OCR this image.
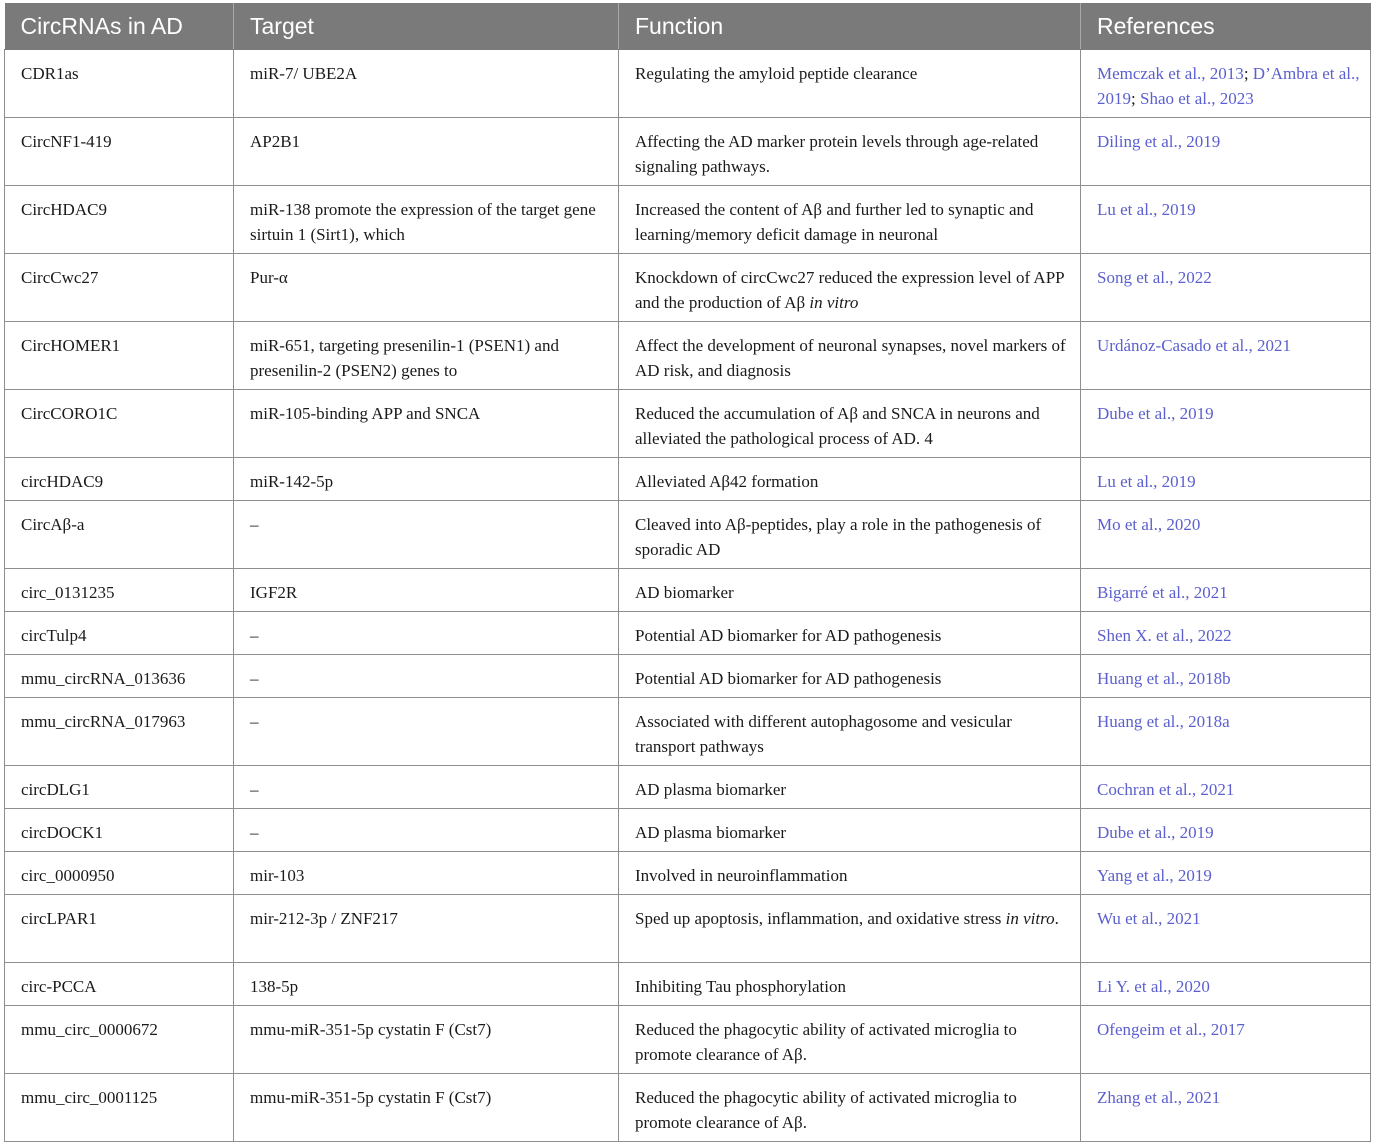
CircRNAs in AD	Target	Function	References
CDR1as	miR-7/ UBE2A	Regulating the amyloid peptide clearance	Memczak et al., 2013; D’Ambra et al., 2019; Shao et al., 2023
CircNF1-419	AP2B1	Affecting the AD marker protein levels through age-related signaling pathways.	Diling et al., 2019
CircHDAC9	miR-138 promote the expression of the target gene sirtuin 1 (Sirt1), which	Increased the content of Aβ and further led to synaptic and learning/memory deficit damage in neuronal	Lu et al., 2019
CircCwc27	Pur-α	Knockdown of circCwc27 reduced the expression level of APP and the production of Aβ in vitro	Song et al., 2022
CircHOMER1	miR-651, targeting presenilin-1 (PSEN1) and presenilin-2 (PSEN2) genes to	Affect the development of neuronal synapses, novel markers of AD risk, and diagnosis	Urdánoz-Casado et al., 2021
CircCORO1C	miR-105-binding APP and SNCA	Reduced the accumulation of Aβ and SNCA in neurons and alleviated the pathological process of AD. 4	Dube et al., 2019
circHDAC9	miR-142-5p	Alleviated Aβ42 formation	Lu et al., 2019
CircAβ-a	–	Cleaved into Aβ-peptides, play a role in the pathogenesis of sporadic AD	Mo et al., 2020
circ_0131235	IGF2R	AD biomarker	Bigarré et al., 2021
circTulp4	–	Potential AD biomarker for AD pathogenesis	Shen X. et al., 2022
mmu_circRNA_013636	–	Potential AD biomarker for AD pathogenesis	Huang et al., 2018b
mmu_circRNA_017963	–	Associated with different autophagosome and vesicular transport pathways	Huang et al., 2018a
circDLG1	–	AD plasma biomarker	Cochran et al., 2021
circDOCK1	–	AD plasma biomarker	Dube et al., 2019
circ_0000950	mir-103	Involved in neuroinflammation	Yang et al., 2019
circLPAR1	mir-212-3p / ZNF217	Sped up apoptosis, inflammation, and oxidative stress in vitro.	Wu et al., 2021
circ-PCCA	138-5p	Inhibiting Tau phosphorylation	Li Y. et al., 2020
mmu_circ_0000672	mmu-miR-351-5p cystatin F (Cst7)	Reduced the phagocytic ability of activated microglia to promote clearance of Aβ.	Ofengeim et al., 2017
mmu_circ_0001125	mmu-miR-351-5p cystatin F (Cst7)	Reduced the phagocytic ability of activated microglia to promote clearance of Aβ.	Zhang et al., 2021
